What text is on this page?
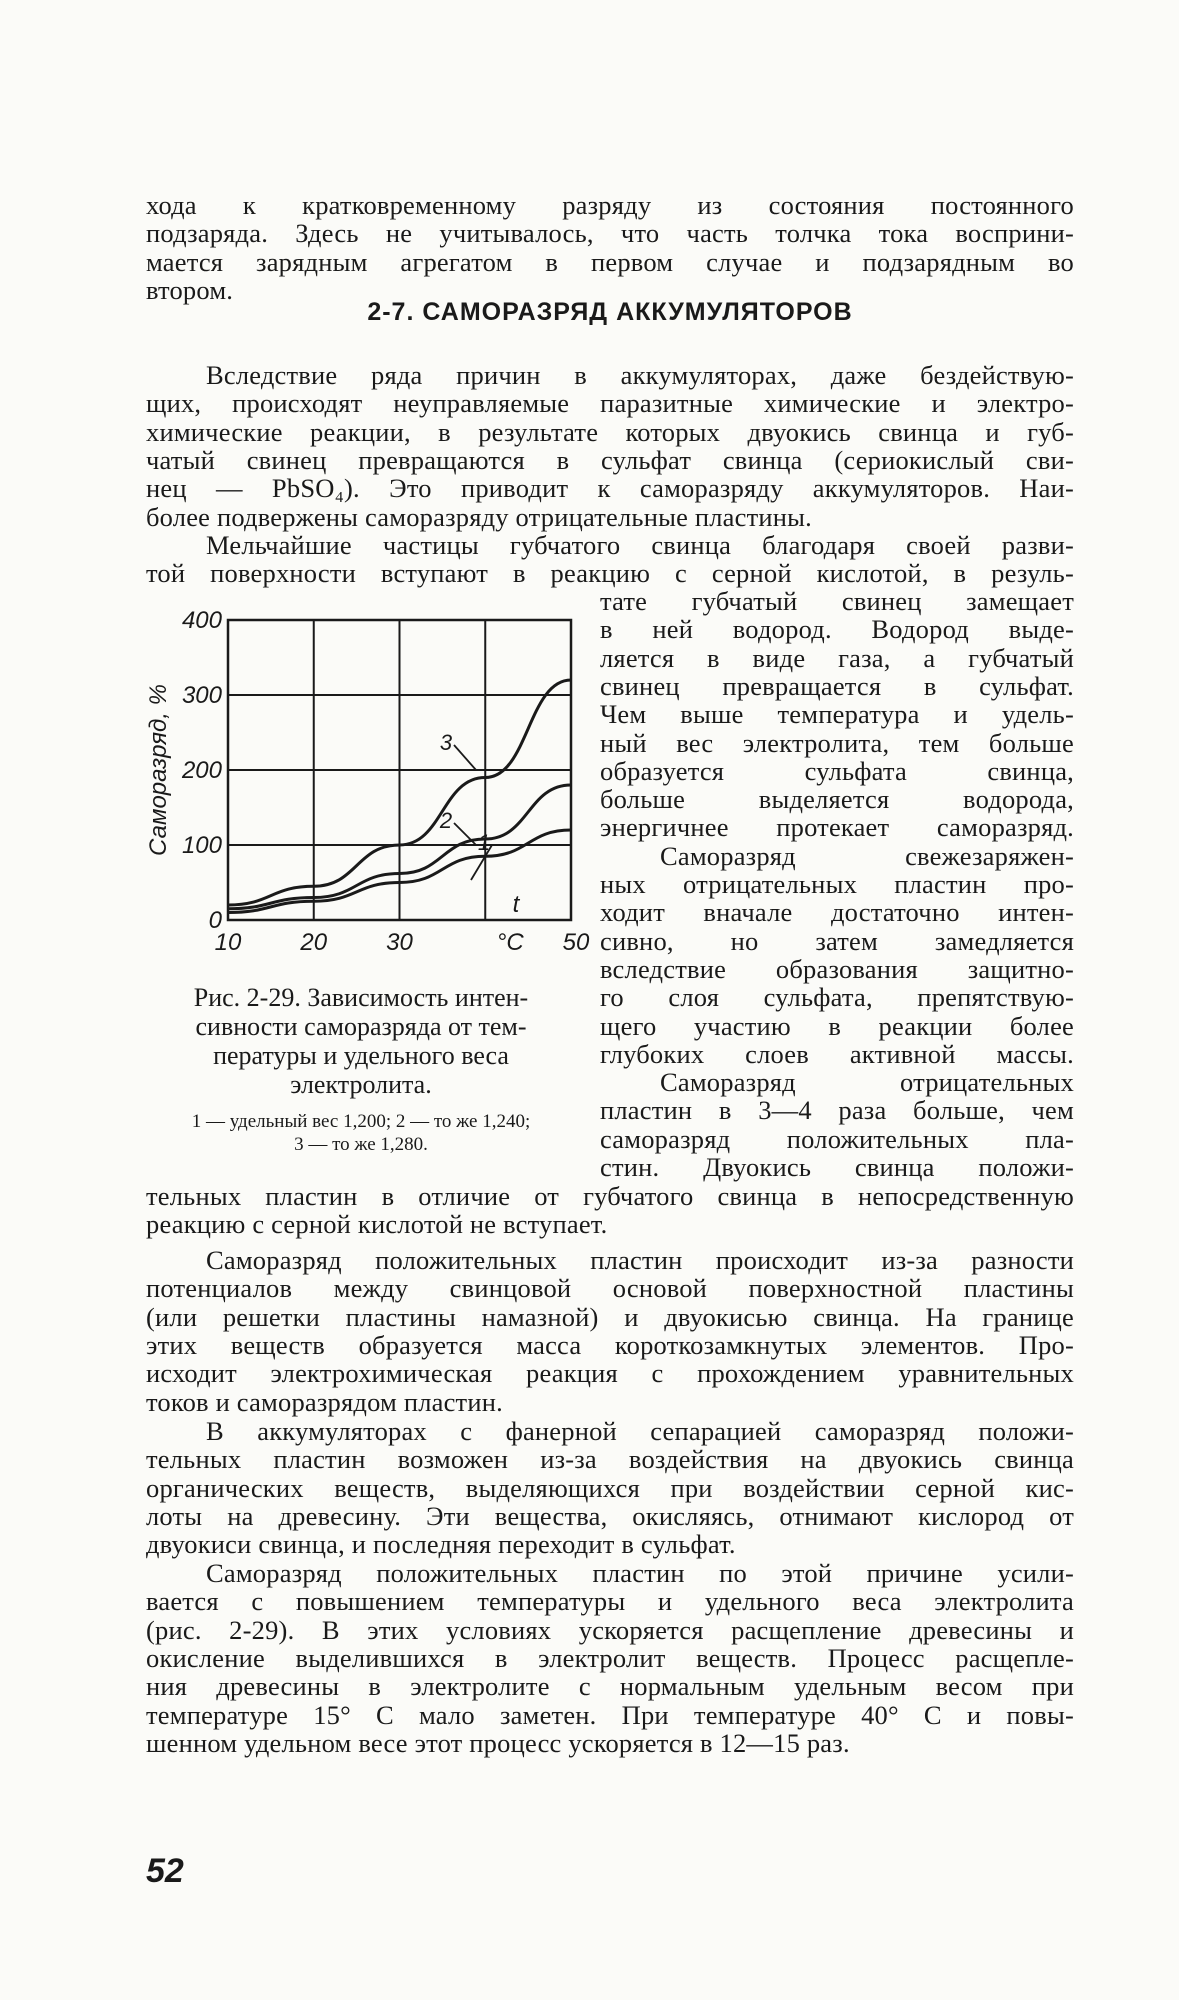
хода к кратковременному разряду из состояния постоянного
подзаряда. Здесь не учитывалось, что часть толчка тока восприни-
мается зарядным агрегатом в первом случае и подзарядным во
втором.
2-7. САМОРАЗРЯД АККУМУЛЯТОРОВ
Вследствие ряда причин в аккумуляторах, даже бездействую-
щих, происходят неуправляемые паразитные химические и электро-
химические реакции, в результате которых двуокись свинца и губ-
чатый свинец превращаются в сульфат свинца (сериокислый сви-
нец — PbSO₄). Это приводит к саморазряду аккумуляторов. Наи-
более подвержены саморазряду отрицательные пластины.
Мельчайшие частицы губчатого свинца благодаря своей разви-
той поверхности вступают в реакцию с серной кислотой, в резуль-
тате губчатый свинец замещает
в ней водород. Водород выде-
ляется в виде газа, а губчатый
свинец превращается в сульфат.
Чем выше температура и удель-
ный вес электролита, тем больше
образуется сульфата свинца,
больше выделяется водорода,
энергичнее протекает саморазряд.
Саморазряд свежезаряжен-
ных отрицательных пластин про-
ходит вначале достаточно интен-
сивно, но затем замедляется
вследствие образования защитно-
го слоя сульфата, препятствую-
щего участию в реакции более
глубоких слоев активной массы.
Саморазряд отрицательных
пластин в 3—4 раза больше, чем
саморазряд положительных пла-
стин. Двуокись свинца положи-
0
100
200
300
400
10 20 30	50
°C
t
Саморазряд, %	3
2
1
Рис. 2-29. Зависимость интен-
сивности саморазряда от тем-
пературы и удельного веса
электролита.
1 — удельный вес 1,200; 2 — то же 1,240;
3 — то же 1,280.
тельных пластин в отличие от губчатого свинца в непосредственную
реакцию с серной кислотой не вступает.
Саморазряд положительных пластин происходит из-за разности
потенциалов между свинцовой основой поверхностной пластины
(или решетки пластины намазной) и двуокисью свинца. На границе
этих веществ образуется масса короткозамкнутых элементов. Про-
исходит электрохимическая реакция с прохождением уравнительных
токов и саморазрядом пластин.
В аккумуляторах с фанерной сепарацией саморазряд положи-
тельных пластин возможен из-за воздействия на двуокись свинца
органических веществ, выделяющихся при воздействии серной кис-
лоты на древесину. Эти вещества, окисляясь, отнимают кислород от
двуокиси свинца, и последняя переходит в сульфат.
Саморазряд положительных пластин по этой причине усили-
вается с повышением температуры и удельного веса электролита
(рис. 2-29). В этих условиях ускоряется расщепление древесины и
окисление выделившихся в электролит веществ. Процесс расщепле-
ния древесины в электролите с нормальным удельным весом при
температуре 15° С мало заметен. При температуре 40° С и повы-
шенном удельном весе этот процесс ускоряется в 12—15 раз.
52
